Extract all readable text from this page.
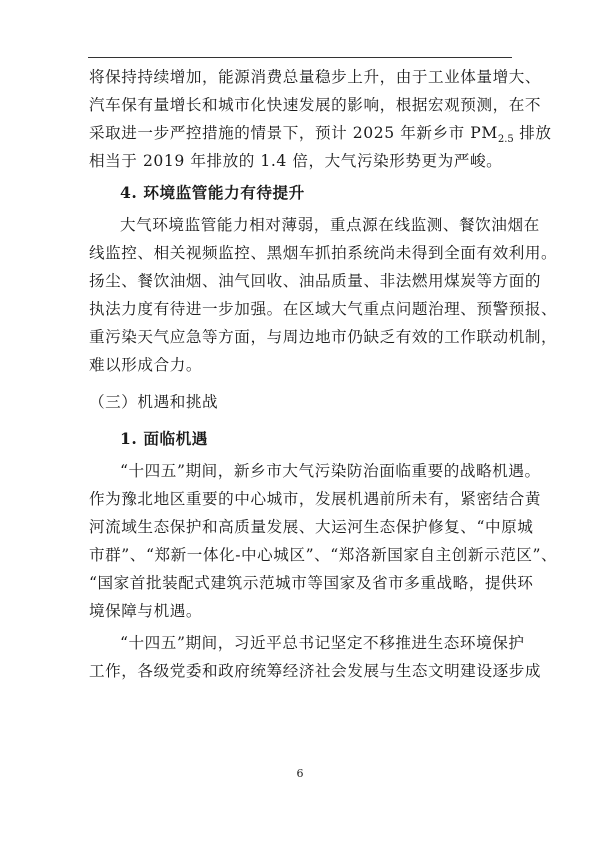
将保持持续增加，能源消费总量稳步上升，由于工业体量增大、
汽车保有量增长和城市化快速发展的影响，根据宏观预测，在不
采取进一步严控措施的情景下，预计 2025 年新乡市 $PM_{2.5}$ 排放
相当于 2019 年排放的 1.4 倍，大气污染形势更为严峻。
4. 环境监管能力有待提升
大气环境监管能力相对薄弱，重点源在线监测、餐饮油烟在
线监控、相关视频监控、黑烟车抓拍系统尚未得到全面有效利用。
扬尘、餐饮油烟、油气回收、油品质量、非法燃用煤炭等方面的
执法力度有待进一步加强。在区域大气重点问题治理、预警预报、
重污染天气应急等方面，与周边地市仍缺乏有效的工作联动机制，
难以形成合力。
（三）机遇和挑战
1. 面临机遇
“十四五”期间，新乡市大气污染防治面临重要的战略机遇。
作为豫北地区重要的中心城市，发展机遇前所未有，紧密结合黄
河流域生态保护和高质量发展、大运河生态保护修复、“中原城
市群”、“郑新一体化-中心城区”、“郑洛新国家自主创新示范区”、
“国家首批装配式建筑示范城市等国家及省市多重战略，提供环
境保障与机遇。
“十四五”期间，习近平总书记坚定不移推进生态环境保护
工作，各级党委和政府统筹经济社会发展与生态文明建设逐步成
6
